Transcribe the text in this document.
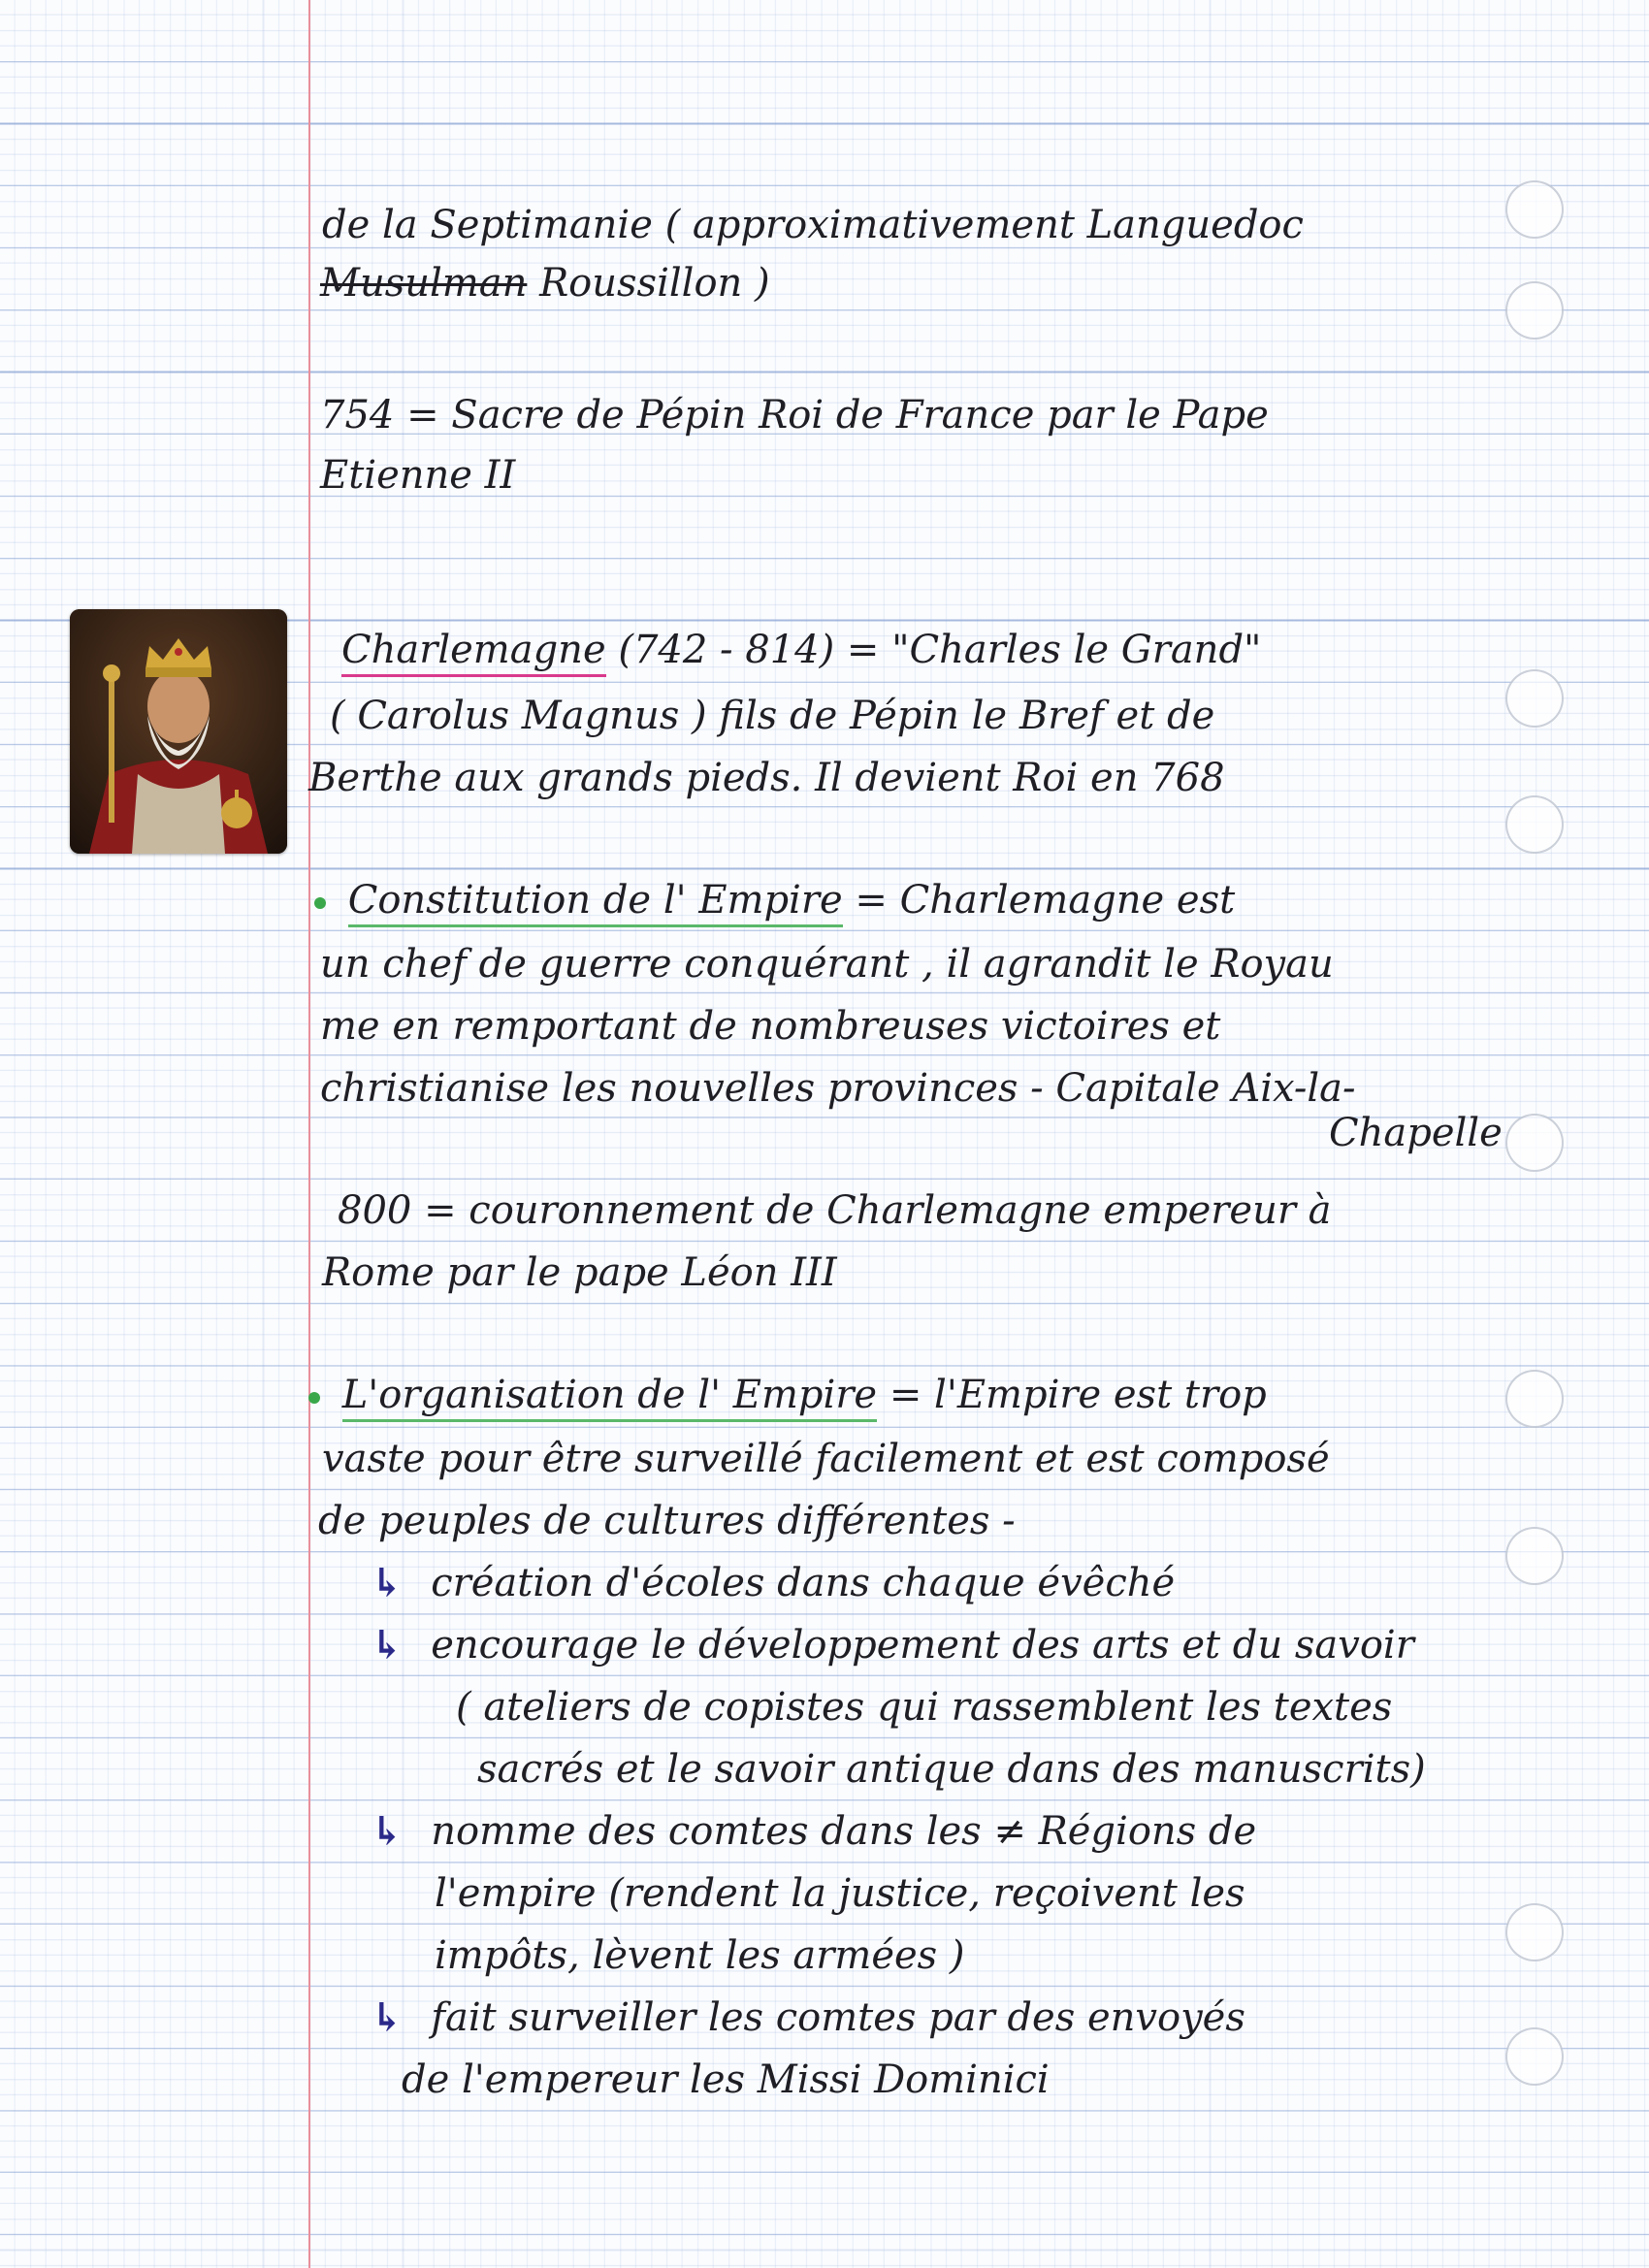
de la Septimanie ( approximativement Languedoc
Musulman Roussillon )
754 = Sacre de Pépin Roi de France par le Pape
Etienne II
Charlemagne (742 - 814) = "Charles le Grand"
( Carolus Magnus ) fils de Pépin le Bref et de
Berthe aux grands pieds. Il devient Roi en 768
Constitution de l' Empire = Charlemagne est
un chef de guerre conquérant , il agrandit le Royau
me en remportant de nombreuses victoires et
christianise les nouvelles provinces - Capitale Aix-la-
Chapelle
800 = couronnement de Charlemagne empereur à
Rome par le pape Léon III
L'organisation de l' Empire = l'Empire est trop
vaste pour être surveillé facilement et est composé
de peuples de cultures différentes -
↳ création d'écoles dans chaque évêché
↳ encourage le développement des arts et du savoir
( ateliers de copistes qui rassemblent les textes
sacrés et le savoir antique dans des manuscrits)
↳ nomme des comtes dans les ≠ Régions de
l'empire (rendent la justice, reçoivent les
impôts, lèvent les armées )
↳ fait surveiller les comtes par des envoyés
de l'empereur les Missi Dominici
